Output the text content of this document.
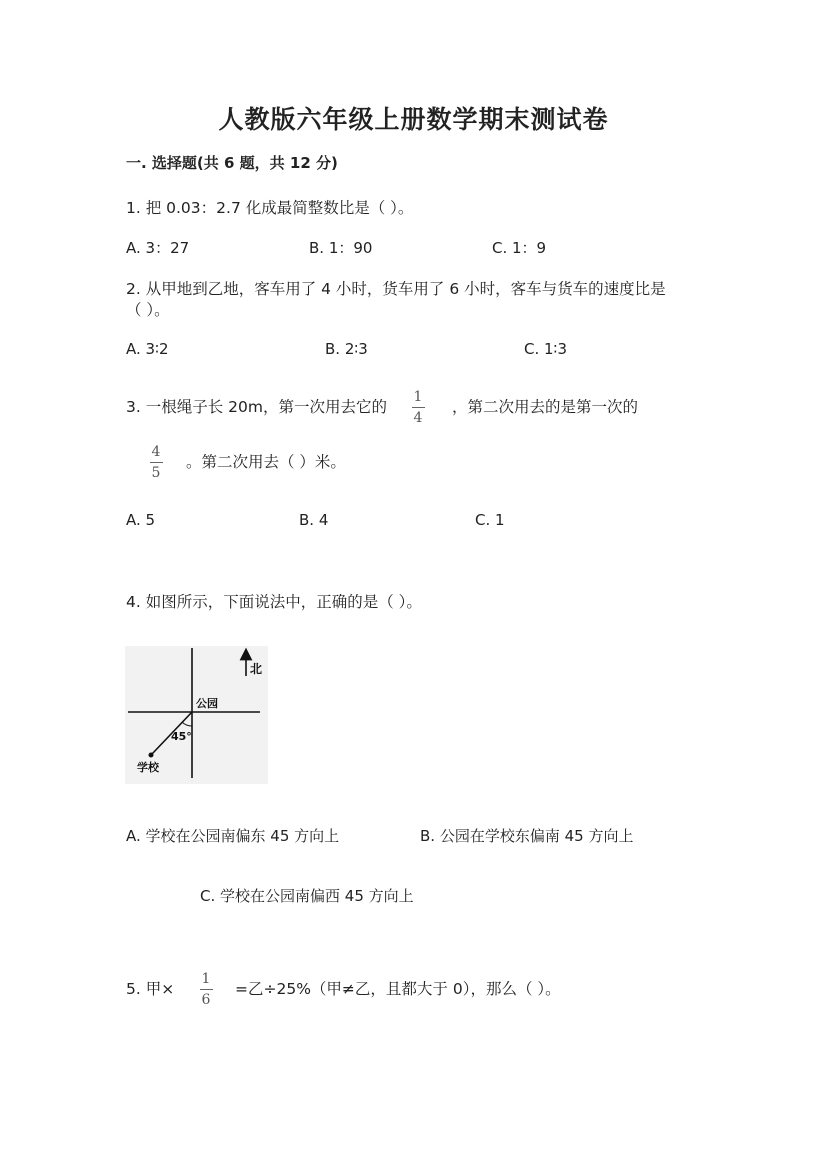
人教版六年级上册数学期末测试卷
一. 选择题(共 6 题，共 12 分)
1. 把 0.03：2.7 化成最简整数比是（ ）。
A. 3：27	B. 1：90	C. 1：9
2. 从甲地到乙地，客车用了 4 小时，货车用了 6 小时，客车与货车的速度比是
（ ）。
A. 3∶2	B. 2∶3	C. 1∶3
3. 一根绳子长 20m，第一次用去它的
1
4
，第二次用去的是第一次的
4
5
。第二次用去（ ）米。
A. 5	B. 4	C. 1
4. 如图所示，下面说法中，正确的是（ ）。
北
公园
45°
学校
A. 学校在公园南偏东 45 方向上	B. 公园在学校东偏南 45 方向上
C. 学校在公园南偏西 45 方向上
5. 甲×
1
6
=乙÷25%（甲≠乙，且都大于 0），那么（ ）。
